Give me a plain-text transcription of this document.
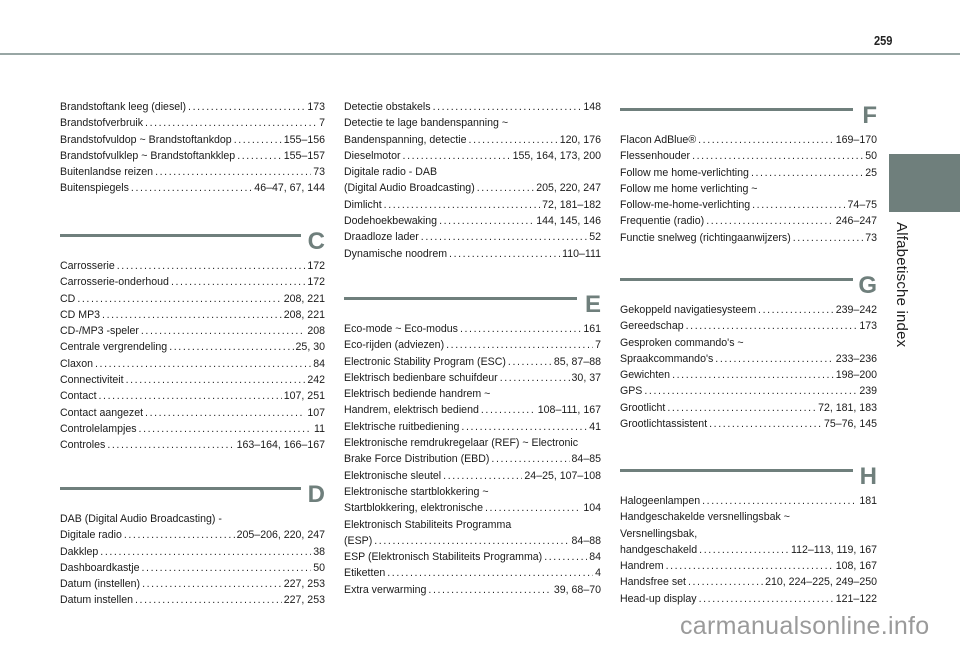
259
Alfabetische index
Brandstoftank leeg (diesel) .....	173
Brandstofverbruik .....	7
Brandstofvuldop ~ Brandstoftankdop .....	155–156
Brandstofvulklep ~ Brandstoftankklep .....	155–157
Buitenlandse reizen .....	73
Buitenspiegels .....	46–47, 67, 144
C
Carrosserie .....	172
Carrosserie-onderhoud .....	172
CD .....	208, 221
CD MP3 .....	208, 221
CD-/MP3 -speler .....	208
Centrale vergrendeling .....	25, 30
Claxon .....	84
Connectiviteit .....	242
Contact .....	107, 251
Contact aangezet .....	107
Controlelampjes .....	11
Controles .....	163–164, 166–167
D
DAB (Digital Audio Broadcasting) -
Digitale radio .....	205–206, 220, 247
Dakklep .....	38
Dashboardkastje .....	50
Datum (instellen) .....	227, 253
Datum instellen .....	227, 253
Detectie obstakels .....	148
Detectie te lage bandenspanning ~
Bandenspanning, detectie .....	120, 176
Dieselmotor .....	155, 164, 173, 200
Digitale radio - DAB
(Digital Audio Broadcasting) .....	205, 220, 247
Dimlicht .....	72, 181–182
Dodehoekbewaking .....	144, 145, 146
Draadloze lader .....	52
Dynamische noodrem .....	110–111
E
Eco-mode ~ Eco-modus .....	161
Eco-rijden (adviezen) .....	7
Electronic Stability Program (ESC) .....	85, 87–88
Elektrisch bedienbare schuifdeur .....	30, 37
Elektrisch bediende handrem ~
Handrem, elektrisch bediend .....	108–111, 167
Elektrische ruitbediening .....	41
Elektronische remdrukregelaar (REF) ~ Electronic
Brake Force Distribution (EBD) .....	84–85
Elektronische sleutel .....	24–25, 107–108
Elektronische startblokkering ~
Startblokkering, elektronische .....	104
Elektronisch Stabiliteits Programma
(ESP) .....	84–88
ESP (Elektronisch Stabiliteits Programma) .....	84
Etiketten .....	4
Extra verwarming .....	39, 68–70
F
Flacon AdBlue® .....	169–170
Flessenhouder .....	50
Follow me home-verlichting .....	25
Follow me home verlichting ~
Follow-me-home-verlichting .....	74–75
Frequentie (radio) .....	246–247
Functie snelweg (richtingaanwijzers) .....	73
G
Gekoppeld navigatiesysteem .....	239–242
Gereedschap .....	173
Gesproken commando's ~
Spraakcommando's .....	233–236
Gewichten .....	198–200
GPS .....	239
Grootlicht .....	72, 181, 183
Grootlichtassistent .....	75–76, 145
H
Halogeenlampen .....	181
Handgeschakelde versnellingsbak ~
Versnellingsbak,
handgeschakeld .....	112–113, 119, 167
Handrem .....	108, 167
Handsfree set .....	210, 224–225, 249–250
Head-up display .....	121–122
carmanualsonline.info
